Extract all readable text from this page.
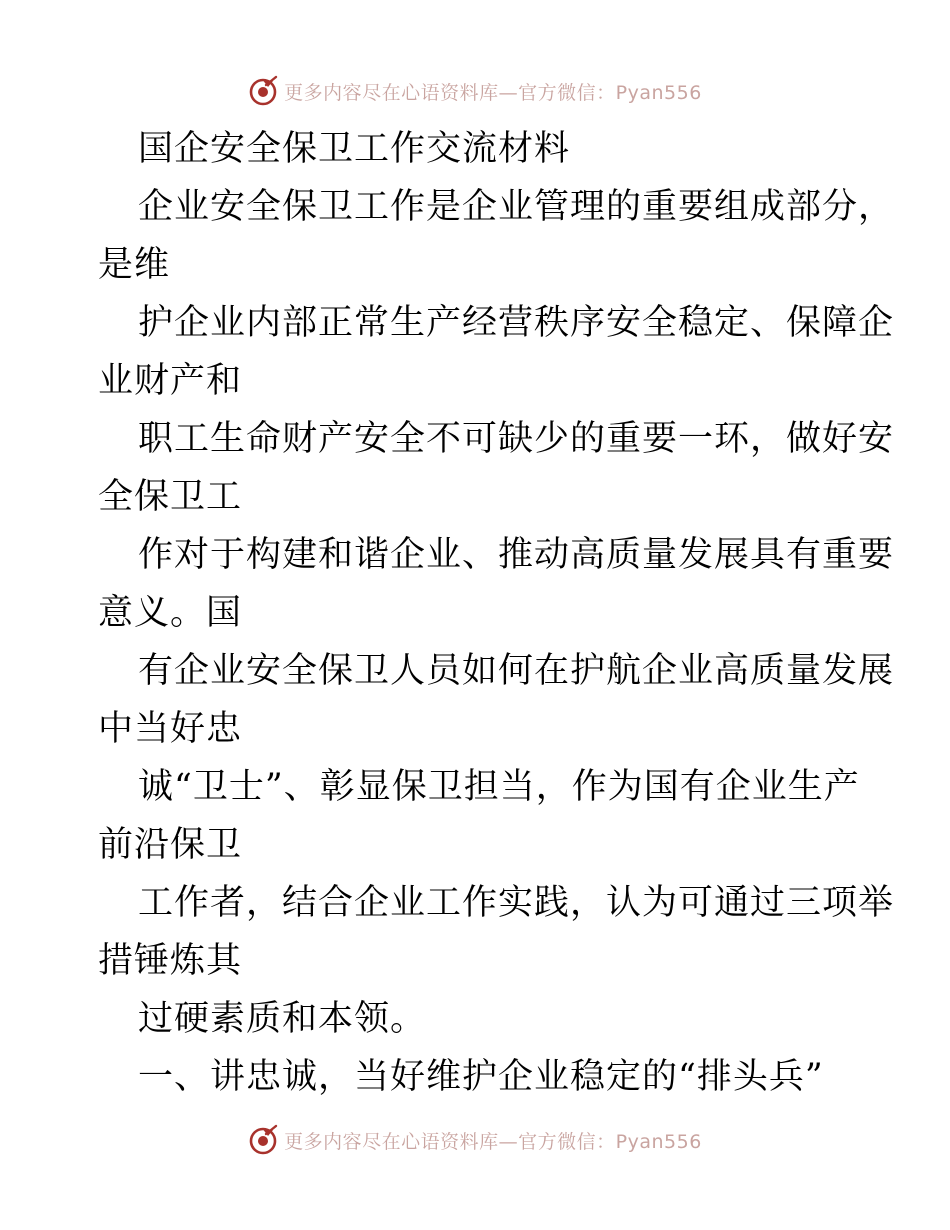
更多内容尽在心语资料库—官方微信：Pyan556
国企安全保卫工作交流材料
企业安全保卫工作是企业管理的重要组成部分，
是维
护企业内部正常生产经营秩序安全稳定、保障企
业财产和
职工生命财产安全不可缺少的重要一环，做好安
全保卫工
作对于构建和谐企业、推动高质量发展具有重要
意义。国
有企业安全保卫人员如何在护航企业高质量发展
中当好忠
诚“卫士”、彰显保卫担当，作为国有企业生产
前沿保卫
工作者，结合企业工作实践，认为可通过三项举
措锤炼其
过硬素质和本领。
一、讲忠诚，当好维护企业稳定的“排头兵”
更多内容尽在心语资料库—官方微信：Pyan556
